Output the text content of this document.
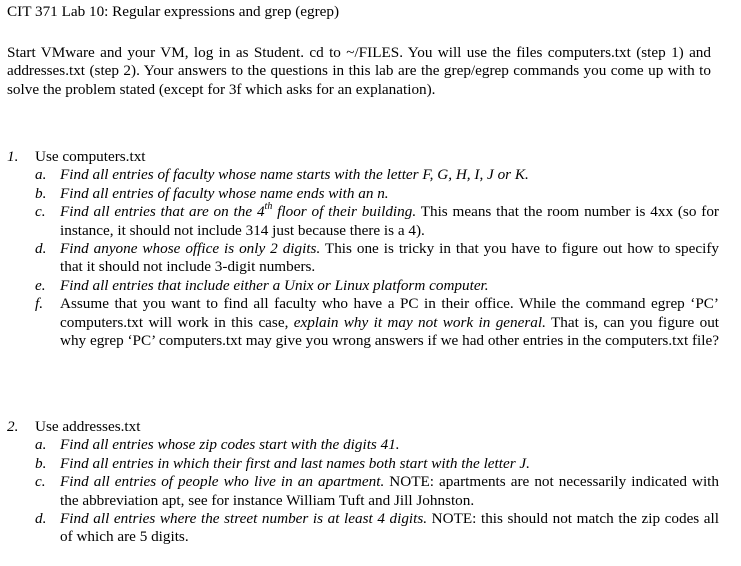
CIT 371 Lab 10: Regular expressions and grep (egrep)

Start VMware and your VM, log in as Student. cd to ~/FILES. You will use the files computers.txt (step 1) and addresses.txt (step 2). Your answers to the questions in this lab are the grep/egrep commands you come up with to solve the problem stated (except for 3f which asks for an explanation).

1.	Use computers.txt
a. Find all entries of faculty whose name starts with the letter F, G, H, I, J or K.
b. Find all entries of faculty whose name ends with an n.
c. Find all entries that are on the 4th floor of their building. This means that the room number is 4xx (so for instance, it should not include 314 just because there is a 4).
d. Find anyone whose office is only 2 digits. This one is tricky in that you have to figure out how to specify that it should not include 3-digit numbers.
e. Find all entries that include either a Unix or Linux platform computer.
f.	Assume that you want to find all faculty who have a PC in their office. While the command egrep ‘PC’ computers.txt will work in this case, explain why it may not work in general. That is, can you figure out why egrep ‘PC’ computers.txt may give you wrong answers if we had other entries in the computers.txt file?
2.	Use addresses.txt
a. Find all entries whose zip codes start with the digits 41.
b. Find all entries in which their first and last names both start with the letter J.
c. Find all entries of people who live in an apartment. NOTE: apartments are not necessarily indicated with the abbreviation apt, see for instance William Tuft and Jill Johnston.
d. Find all entries where the street number is at least 4 digits. NOTE: this should not match the zip codes all of which are 5 digits.
